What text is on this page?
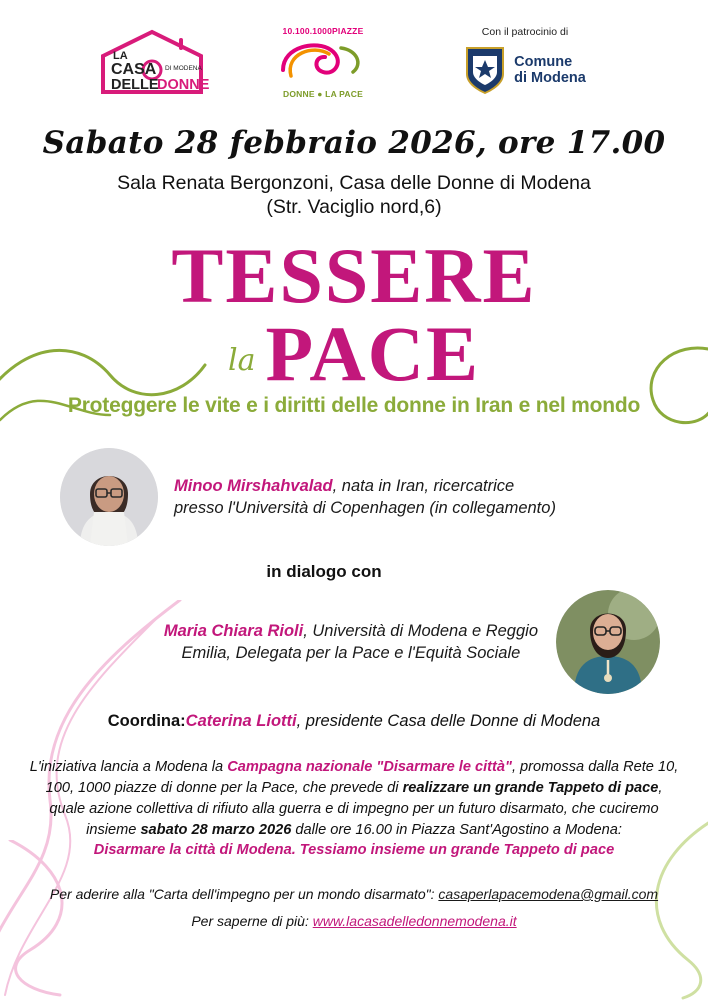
LA
CASA DI MODENA
DELLE
DONNE
10.100.1000PIAZZE
DONNE ● LA PACE
Con il patrocinio di
Comune
di Modena
Sabato 28 febbraio 2026, ore 17.00
Sala Renata Bergonzoni, Casa delle Donne di Modena
(Str. Vaciglio nord,6)
TESSERE
la PACE
Proteggere le vite e i diritti delle donne in Iran e nel mondo
Minoo Mirshahvalad, nata in Iran, ricercatrice
presso l'Università di Copenhagen (in collegamento)
in dialogo con
Maria Chiara Rioli, Università di Modena e Reggio
Emilia, Delegata per la Pace e l'Equità Sociale
Coordina:Caterina Liotti, presidente Casa delle Donne di Modena
L'iniziativa lancia a Modena la Campagna nazionale "Disarmare le città", promossa dalla Rete 10, 100, 1000 piazze di donne per la Pace, che prevede di realizzare un grande Tappeto di pace, quale azione collettiva di rifiuto alla guerra e di impegno per un futuro disarmato, che cuciremo insieme sabato 28 marzo 2026 dalle ore 16.00 in Piazza Sant'Agostino a Modena:
Disarmare la città di Modena. Tessiamo insieme un grande Tappeto di pace
Per aderire alla "Carta dell'impegno per un mondo disarmato": casaperlapacemodena@gmail.com
Per saperne di più: www.lacasadelledonnemodena.it
